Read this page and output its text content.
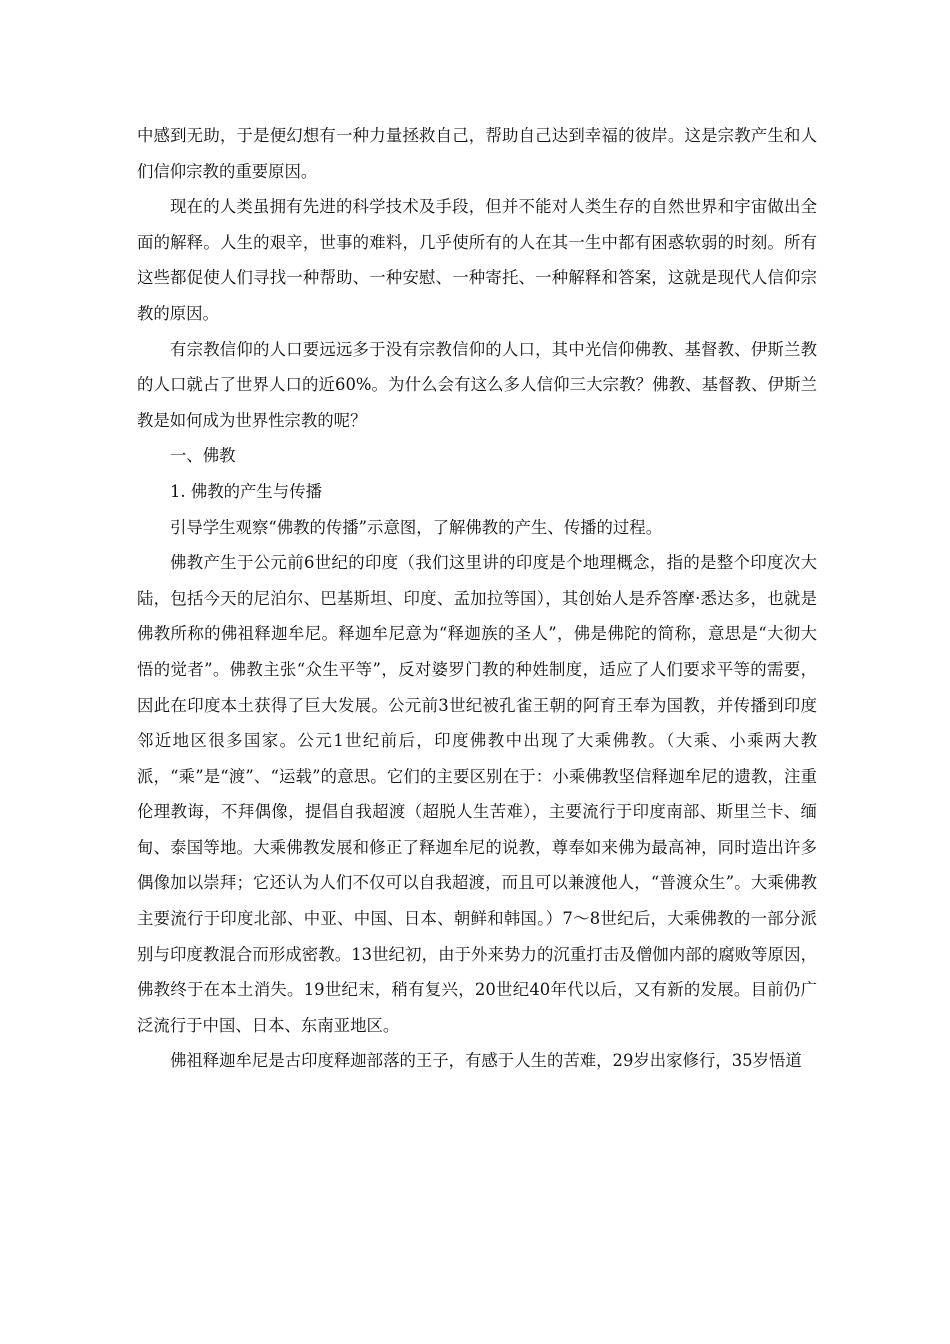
中感到无助，于是便幻想有一种力量拯救自己，帮助自己达到幸福的彼岸。这是宗教产生和人们信仰宗教的重要原因。

现在的人类虽拥有先进的科学技术及手段，但并不能对人类生存的自然世界和宇宙做出全面的解释。人生的艰辛，世事的难料，几乎使所有的人在其一生中都有困惑软弱的时刻。所有这些都促使人们寻找一种帮助、一种安慰、一种寄托、一种解释和答案，这就是现代人信仰宗教的原因。

有宗教信仰的人口要远远多于没有宗教信仰的人口，其中光信仰佛教、基督教、伊斯兰教的人口就占了世界人口的近60%。为什么会有这么多人信仰三大宗教？佛教、基督教、伊斯兰教是如何成为世界性宗教的呢？

一、佛教

1. 佛教的产生与传播

引导学生观察“佛教的传播”示意图，了解佛教的产生、传播的过程。

佛教产生于公元前6世纪的印度（我们这里讲的印度是个地理概念，指的是整个印度次大陆，包括今天的尼泊尔、巴基斯坦、印度、孟加拉等国），其创始人是乔答摩·悉达多，也就是佛教所称的佛祖释迦牟尼。释迦牟尼意为“释迦族的圣人”，佛是佛陀的简称，意思是“大彻大悟的觉者”。佛教主张“众生平等”，反对婆罗门教的种姓制度，适应了人们要求平等的需要，因此在印度本土获得了巨大发展。公元前3世纪被孔雀王朝的阿育王奉为国教，并传播到印度邻近地区很多国家。公元1世纪前后，印度佛教中出现了大乘佛教。（大乘、小乘两大教派，“乘”是“渡”、“运载”的意思。它们的主要区别在于：小乘佛教坚信释迦牟尼的遗教，注重伦理教诲，不拜偶像，提倡自我超渡（超脱人生苦难），主要流行于印度南部、斯里兰卡、缅甸、泰国等地。大乘佛教发展和修正了释迦牟尼的说教，尊奉如来佛为最高神，同时造出许多偶像加以崇拜；它还认为人们不仅可以自我超渡，而且可以兼渡他人，“普渡众生”。大乘佛教主要流行于印度北部、中亚、中国、日本、朝鲜和韩国。）7～8世纪后，大乘佛教的一部分派别与印度教混合而形成密教。13世纪初，由于外来势力的沉重打击及僧伽内部的腐败等原因，佛教终于在本土消失。19世纪末，稍有复兴，20世纪40年代以后，又有新的发展。目前仍广泛流行于中国、日本、东南亚地区。

佛祖释迦牟尼是古印度释迦部落的王子，有感于人生的苦难，29岁出家修行，35岁悟道
